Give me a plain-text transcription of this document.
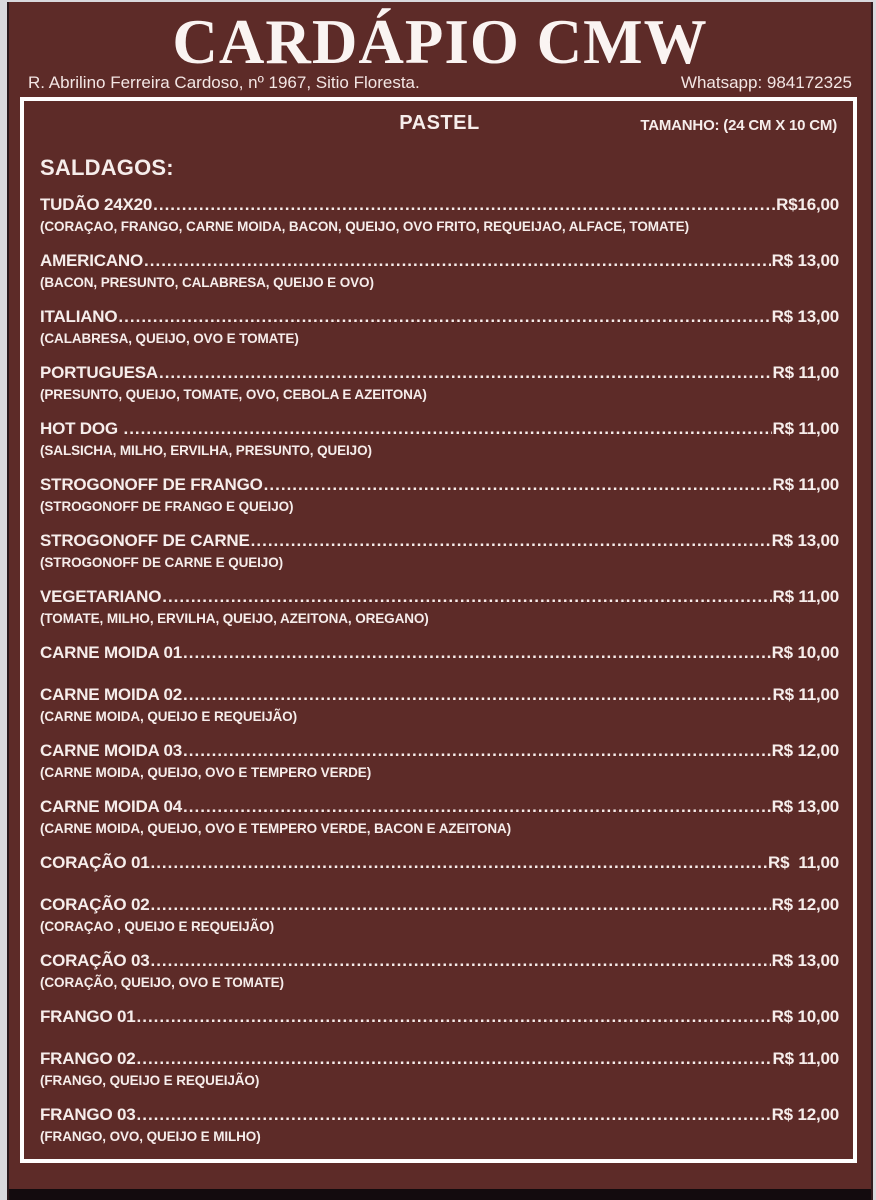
CARDÁPIO CMW
R. Abrilino Ferreira Cardoso, nº 1967, Sitio Floresta.	Whatsapp: 984172325
PASTEL	TAMANHO: (24 CM X 10 CM)
SALDAGOS:
TUDÃO 24X20 .....	R$16,00
(CORAÇAO, FRANGO, CARNE MOIDA, BACON, QUEIJO, OVO FRITO, REQUEIJAO, ALFACE, TOMATE)
AMERICANO .....	R$ 13,00
(BACON, PRESUNTO, CALABRESA, QUEIJO E OVO)
ITALIANO .....	R$ 13,00
(CALABRESA, QUEIJO, OVO E TOMATE)
PORTUGUESA .....	R$ 11,00
(PRESUNTO, QUEIJO, TOMATE, OVO, CEBOLA E AZEITONA)
HOT DOG .....	R$ 11,00
(SALSICHA, MILHO, ERVILHA, PRESUNTO, QUEIJO)
STROGONOFF DE FRANGO .....	R$ 11,00
(STROGONOFF DE FRANGO E QUEIJO)
STROGONOFF DE CARNE .....	R$ 13,00
(STROGONOFF DE CARNE E QUEIJO)
VEGETARIANO .....	R$ 11,00
(TOMATE, MILHO, ERVILHA, QUEIJO, AZEITONA, OREGANO)
CARNE MOIDA 01 .....	R$ 10,00
CARNE MOIDA 02 .....	R$ 11,00
(CARNE MOIDA, QUEIJO E REQUEIJÃO)
CARNE MOIDA 03 .....	R$ 12,00
(CARNE MOIDA, QUEIJO, OVO E TEMPERO VERDE)
CARNE MOIDA 04 .....	R$ 13,00
(CARNE MOIDA, QUEIJO, OVO E TEMPERO VERDE, BACON E AZEITONA)
CORAÇÃO 01 .....	R$  11,00
CORAÇÃO 02 .....	R$ 12,00
(CORAÇAO , QUEIJO E REQUEIJÃO)
CORAÇÃO 03 .....	R$ 13,00
(CORAÇÃO, QUEIJO, OVO E TOMATE)
FRANGO 01 .....	R$ 10,00
FRANGO 02 .....	R$ 11,00
(FRANGO, QUEIJO E REQUEIJÃO)
FRANGO 03 .....	R$ 12,00
(FRANGO, OVO, QUEIJO E MILHO)
